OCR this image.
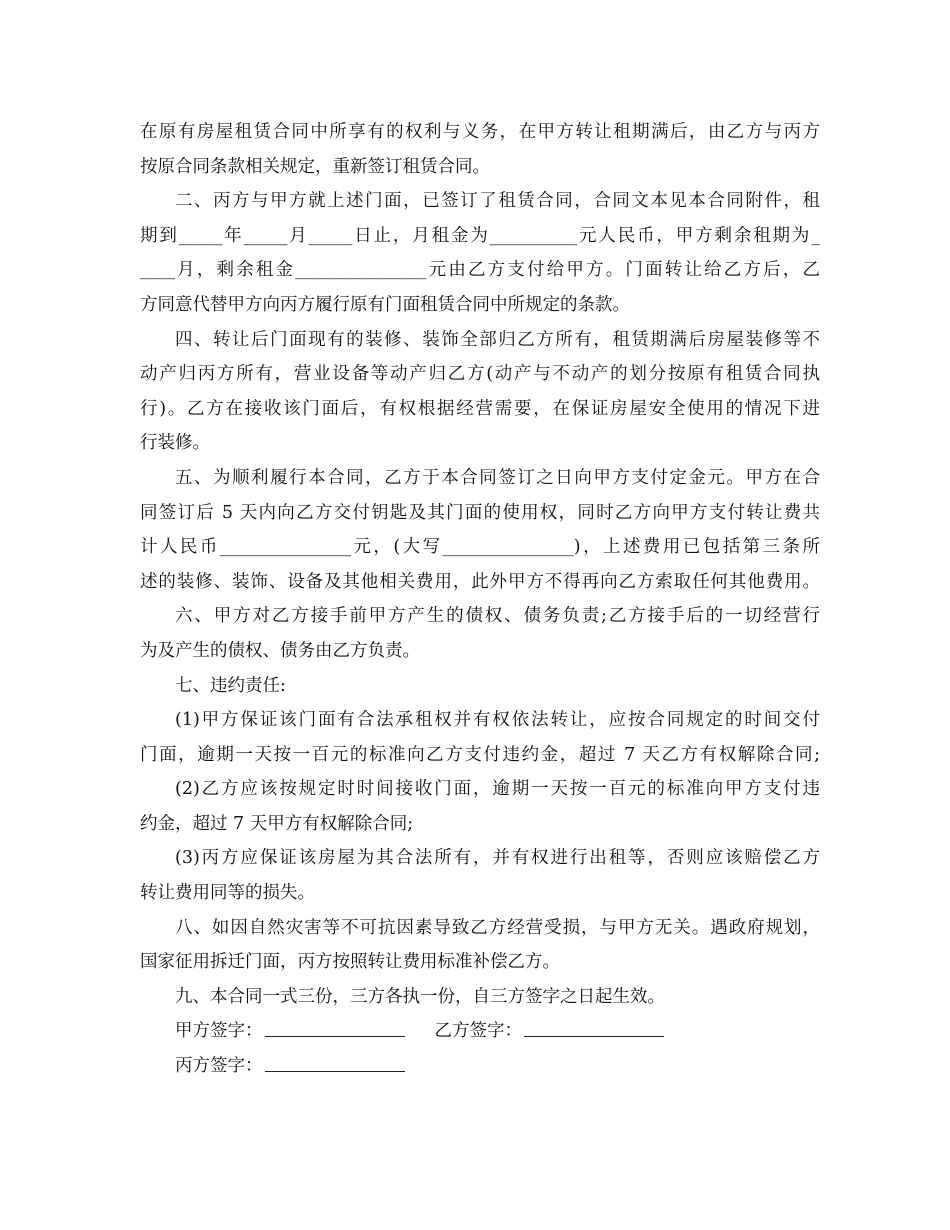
在原有房屋租赁合同中所享有的权利与义务，在甲方转让租期满后，由乙方与丙方

按原合同条款相关规定，重新签订租赁合同。

二、丙方与甲方就上述门面，已签订了租赁合同，合同文本见本合同附件，租

期到_____年_____月_____日止，月租金为__________元人民币，甲方剩余租期为_

____月，剩余租金_______________元由乙方支付给甲方。门面转让给乙方后，乙

方同意代替甲方向丙方履行原有门面租赁合同中所规定的条款。

四、转让后门面现有的装修、装饰全部归乙方所有，租赁期满后房屋装修等不

动产归丙方所有，营业设备等动产归乙方(动产与不动产的划分按原有租赁合同执

行)。乙方在接收该门面后，有权根据经营需要，在保证房屋安全使用的情况下进

行装修。

五、为顺利履行本合同，乙方于本合同签订之日向甲方支付定金元。甲方在合

同签订后 5 天内向乙方交付钥匙及其门面的使用权，同时乙方向甲方支付转让费共

计人民币_______________元，(大写_______________)，上述费用已包括第三条所

述的装修、装饰、设备及其他相关费用，此外甲方不得再向乙方索取任何其他费用。

六、甲方对乙方接手前甲方产生的债权、债务负责;乙方接手后的一切经营行

为及产生的债权、债务由乙方负责。

七、违约责任:

(1)甲方保证该门面有合法承租权并有权依法转让，应按合同规定的时间交付

门面，逾期一天按一百元的标准向乙方支付违约金，超过 7 天乙方有权解除合同;

(2)乙方应该按规定时时间接收门面，逾期一天按一百元的标准向甲方支付违

约金，超过 7 天甲方有权解除合同;

(3)丙方应保证该房屋为其合法所有，并有权进行出租等，否则应该赔偿乙方

转让费用同等的损失。

八、如因自然灾害等不可抗因素导致乙方经营受损，与甲方无关。遇政府规划，

国家征用拆迁门面，丙方按照转让费用标准补偿乙方。

九、本合同一式三份，三方各执一份，自三方签字之日起生效。

甲方签字：	乙方签字：
丙方签字：
